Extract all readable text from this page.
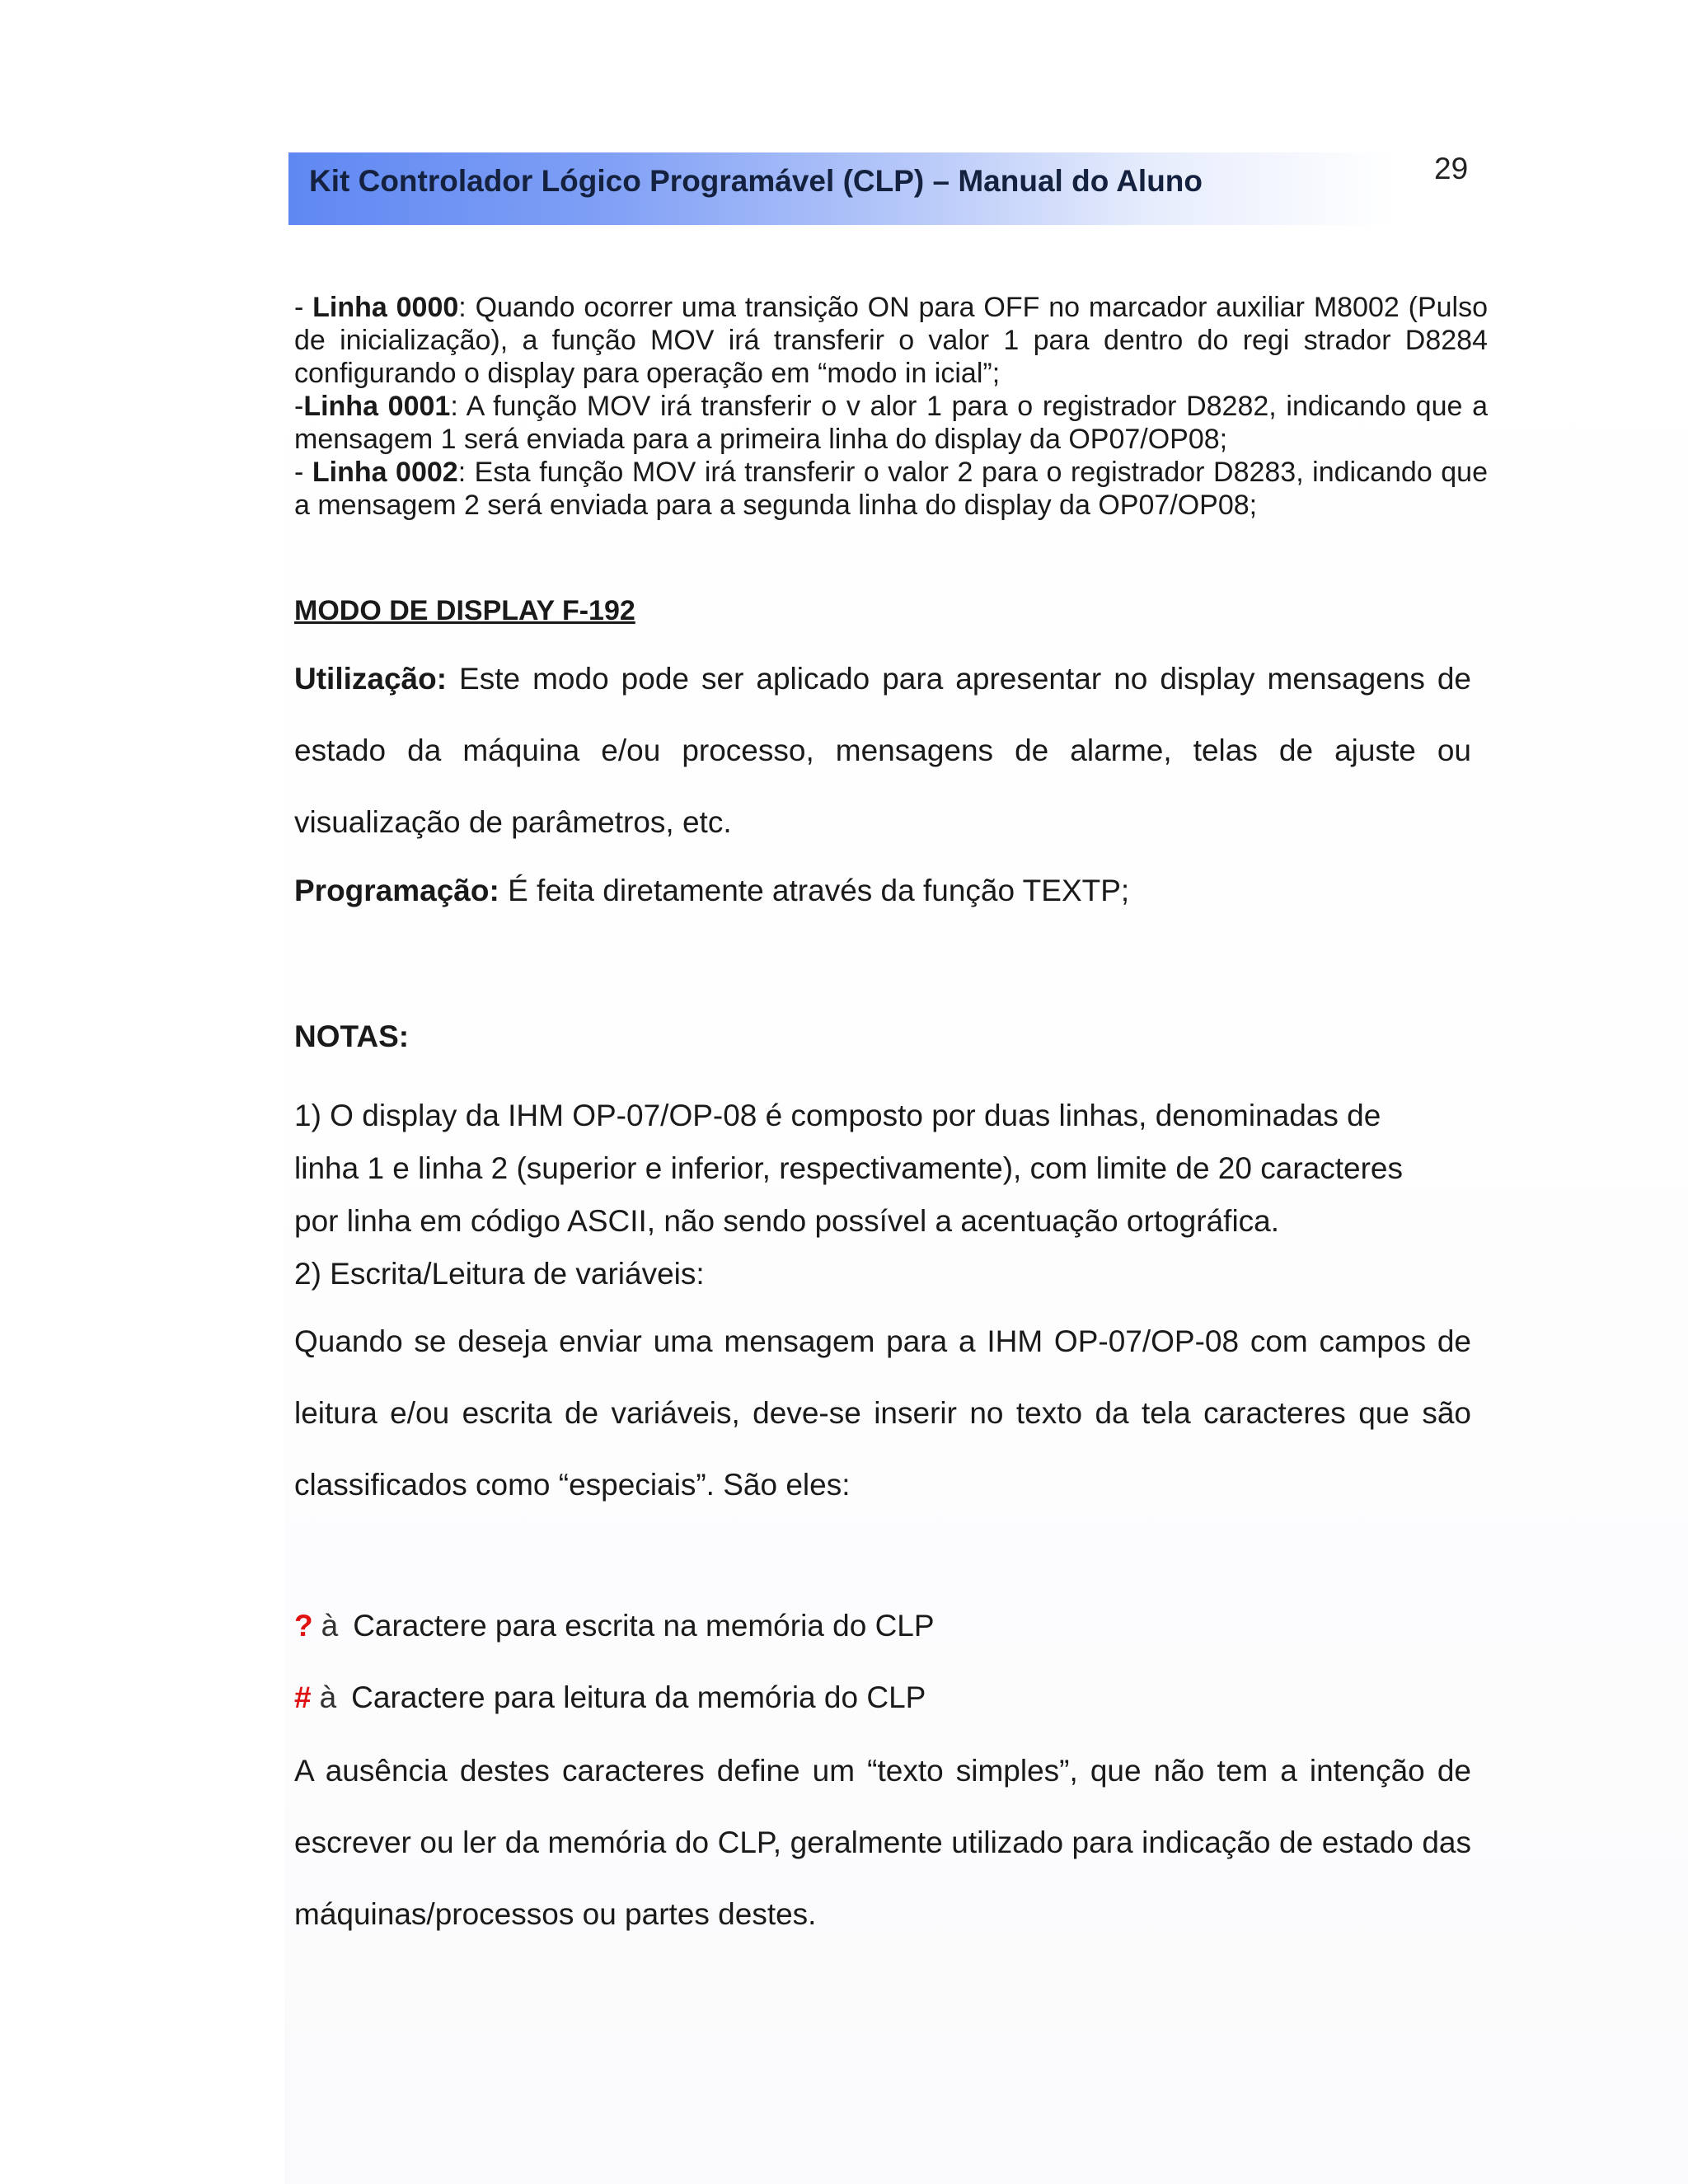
Kit Controlador Lógico Programável (CLP) – Manual do Aluno	29

- Linha 0000: Quando ocorrer uma transição ON para OFF no marcador auxiliar M8002 (Pulso de inicialização), a função MOV irá transferir o valor 1 para dentro do regi strador D8284 configurando o display para operação em “modo in icial”;

-Linha 0001: A função MOV irá transferir o v alor 1 para o registrador D8282, indicando que a mensagem 1 será enviada para a primeira linha do display da OP07/OP08;

- Linha 0002: Esta função MOV irá transferir o valor 2 para o registrador D8283, indicando que a mensagem 2 será enviada para a segunda linha do display da OP07/OP08;

MODO DE DISPLAY F-192

Utilização: Este modo pode ser aplicado para apresentar no display mensagens de estado da máquina e/ou processo, mensagens de alarme, telas de ajuste ou visualização de parâmetros, etc.

Programação: É feita diretamente através da função TEXTP;

NOTAS:

1) O display da IHM OP-07/OP-08 é composto por duas linhas, denominadas de

linha 1 e linha 2 (superior e inferior, respectivamente), com limite de 20 caracteres

por linha em código ASCII, não sendo possível a acentuação ortográfica.

2) Escrita/Leitura de variáveis:

Quando se deseja enviar uma mensagem para a IHM OP-07/OP-08 com campos de leitura e/ou escrita de variáveis, deve-se inserir no texto da tela caracteres que são classificados como “especiais”. São eles:

? à Caractere para escrita na memória do CLP
# à Caractere para leitura da memória do CLP

A ausência destes caracteres define um “texto simples”, que não tem a intenção de escrever ou ler da memória do CLP, geralmente utilizado para indicação de estado das máquinas/processos ou partes destes.
